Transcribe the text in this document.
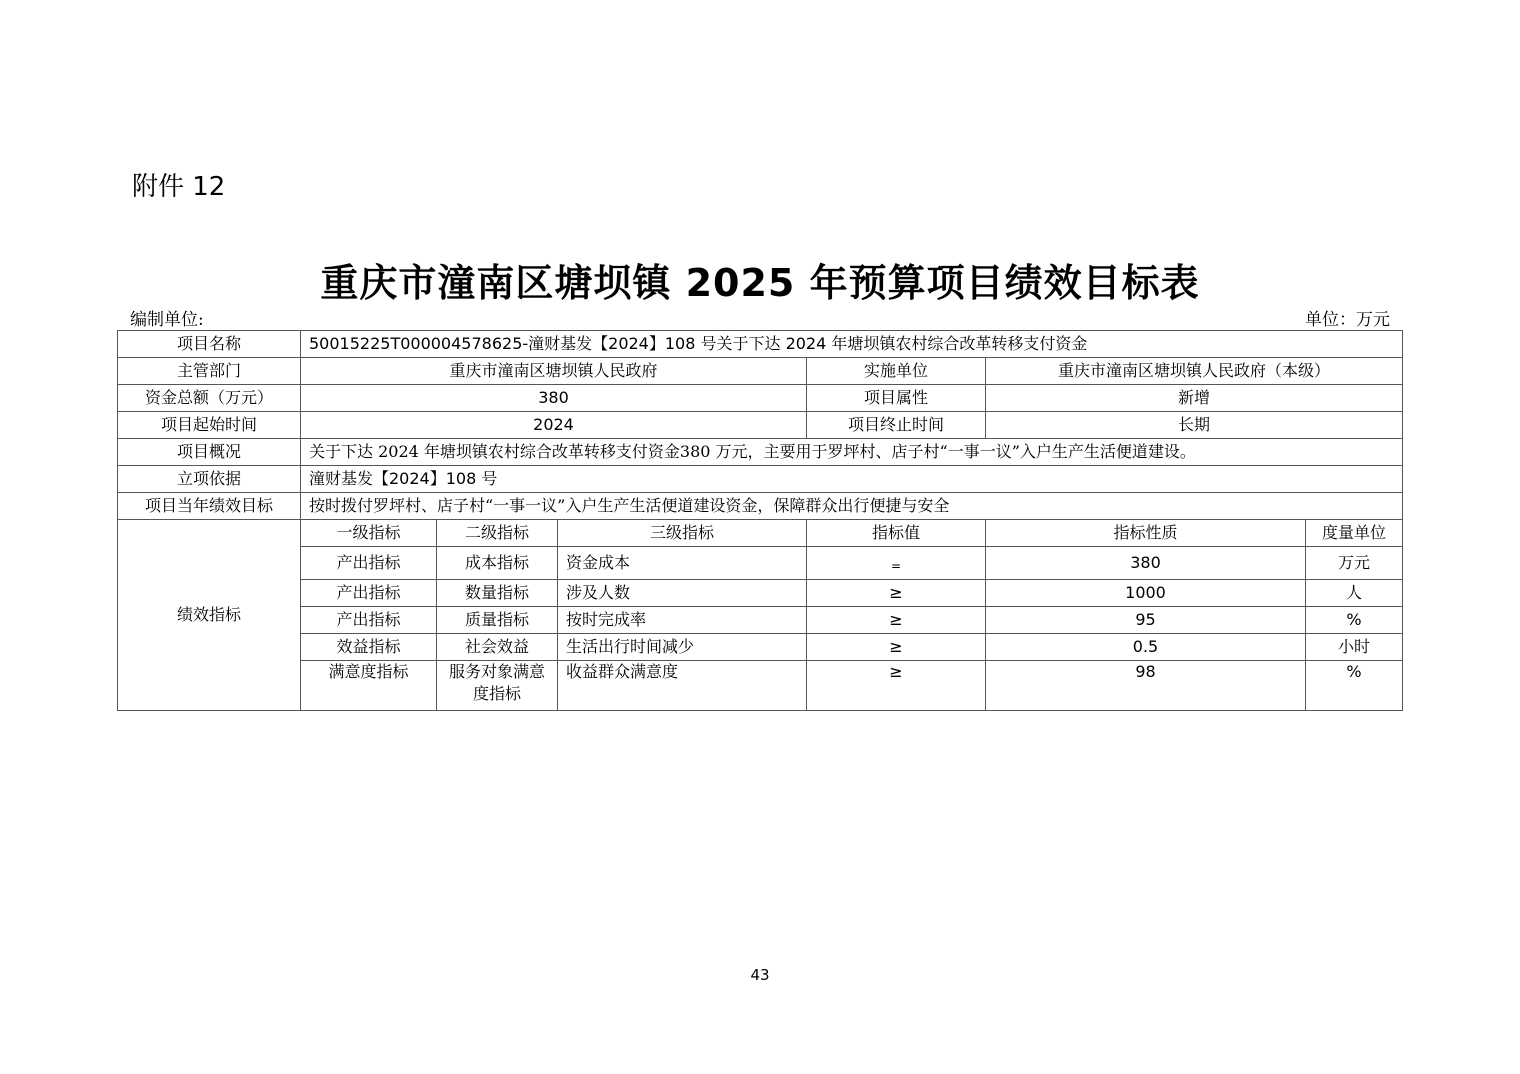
附件 12
重庆市潼南区塘坝镇 2025 年预算项目绩效目标表
编制单位:	单位：万元
项目名称	50015225T000004578625-潼财基发【2024】108 号关于下达 2024 年塘坝镇农村综合改革转移支付资金					
主管部门	重庆市潼南区塘坝镇人民政府			实施单位	重庆市潼南区塘坝镇人民政府（本级）	
资金总额（万元）	380			项目属性	新增	
项目起始时间	2024			项目终止时间	长期	
项目概况	关于下达 2024 年塘坝镇农村综合改革转移支付资金380 万元，主要用于罗坪村、店子村“一事一议”入户生产生活便道建设。					
立项依据	潼财基发【2024】108 号					
项目当年绩效目标	按时拨付罗坪村、店子村“一事一议”入户生产生活便道建设资金，保障群众出行便捷与安全					
绩效指标	一级指标	二级指标	三级指标	指标值	指标性质	度量单位
	产出指标	成本指标	资金成本	=	380	万元
	产出指标	数量指标	涉及人数	≥	1000	人
	产出指标	质量指标	按时完成率	≥	95	%
	效益指标	社会效益	生活出行时间减少	≥	0.5	小时
	满意度指标	服务对象满意度指标	收益群众满意度	≥	98	%
43
